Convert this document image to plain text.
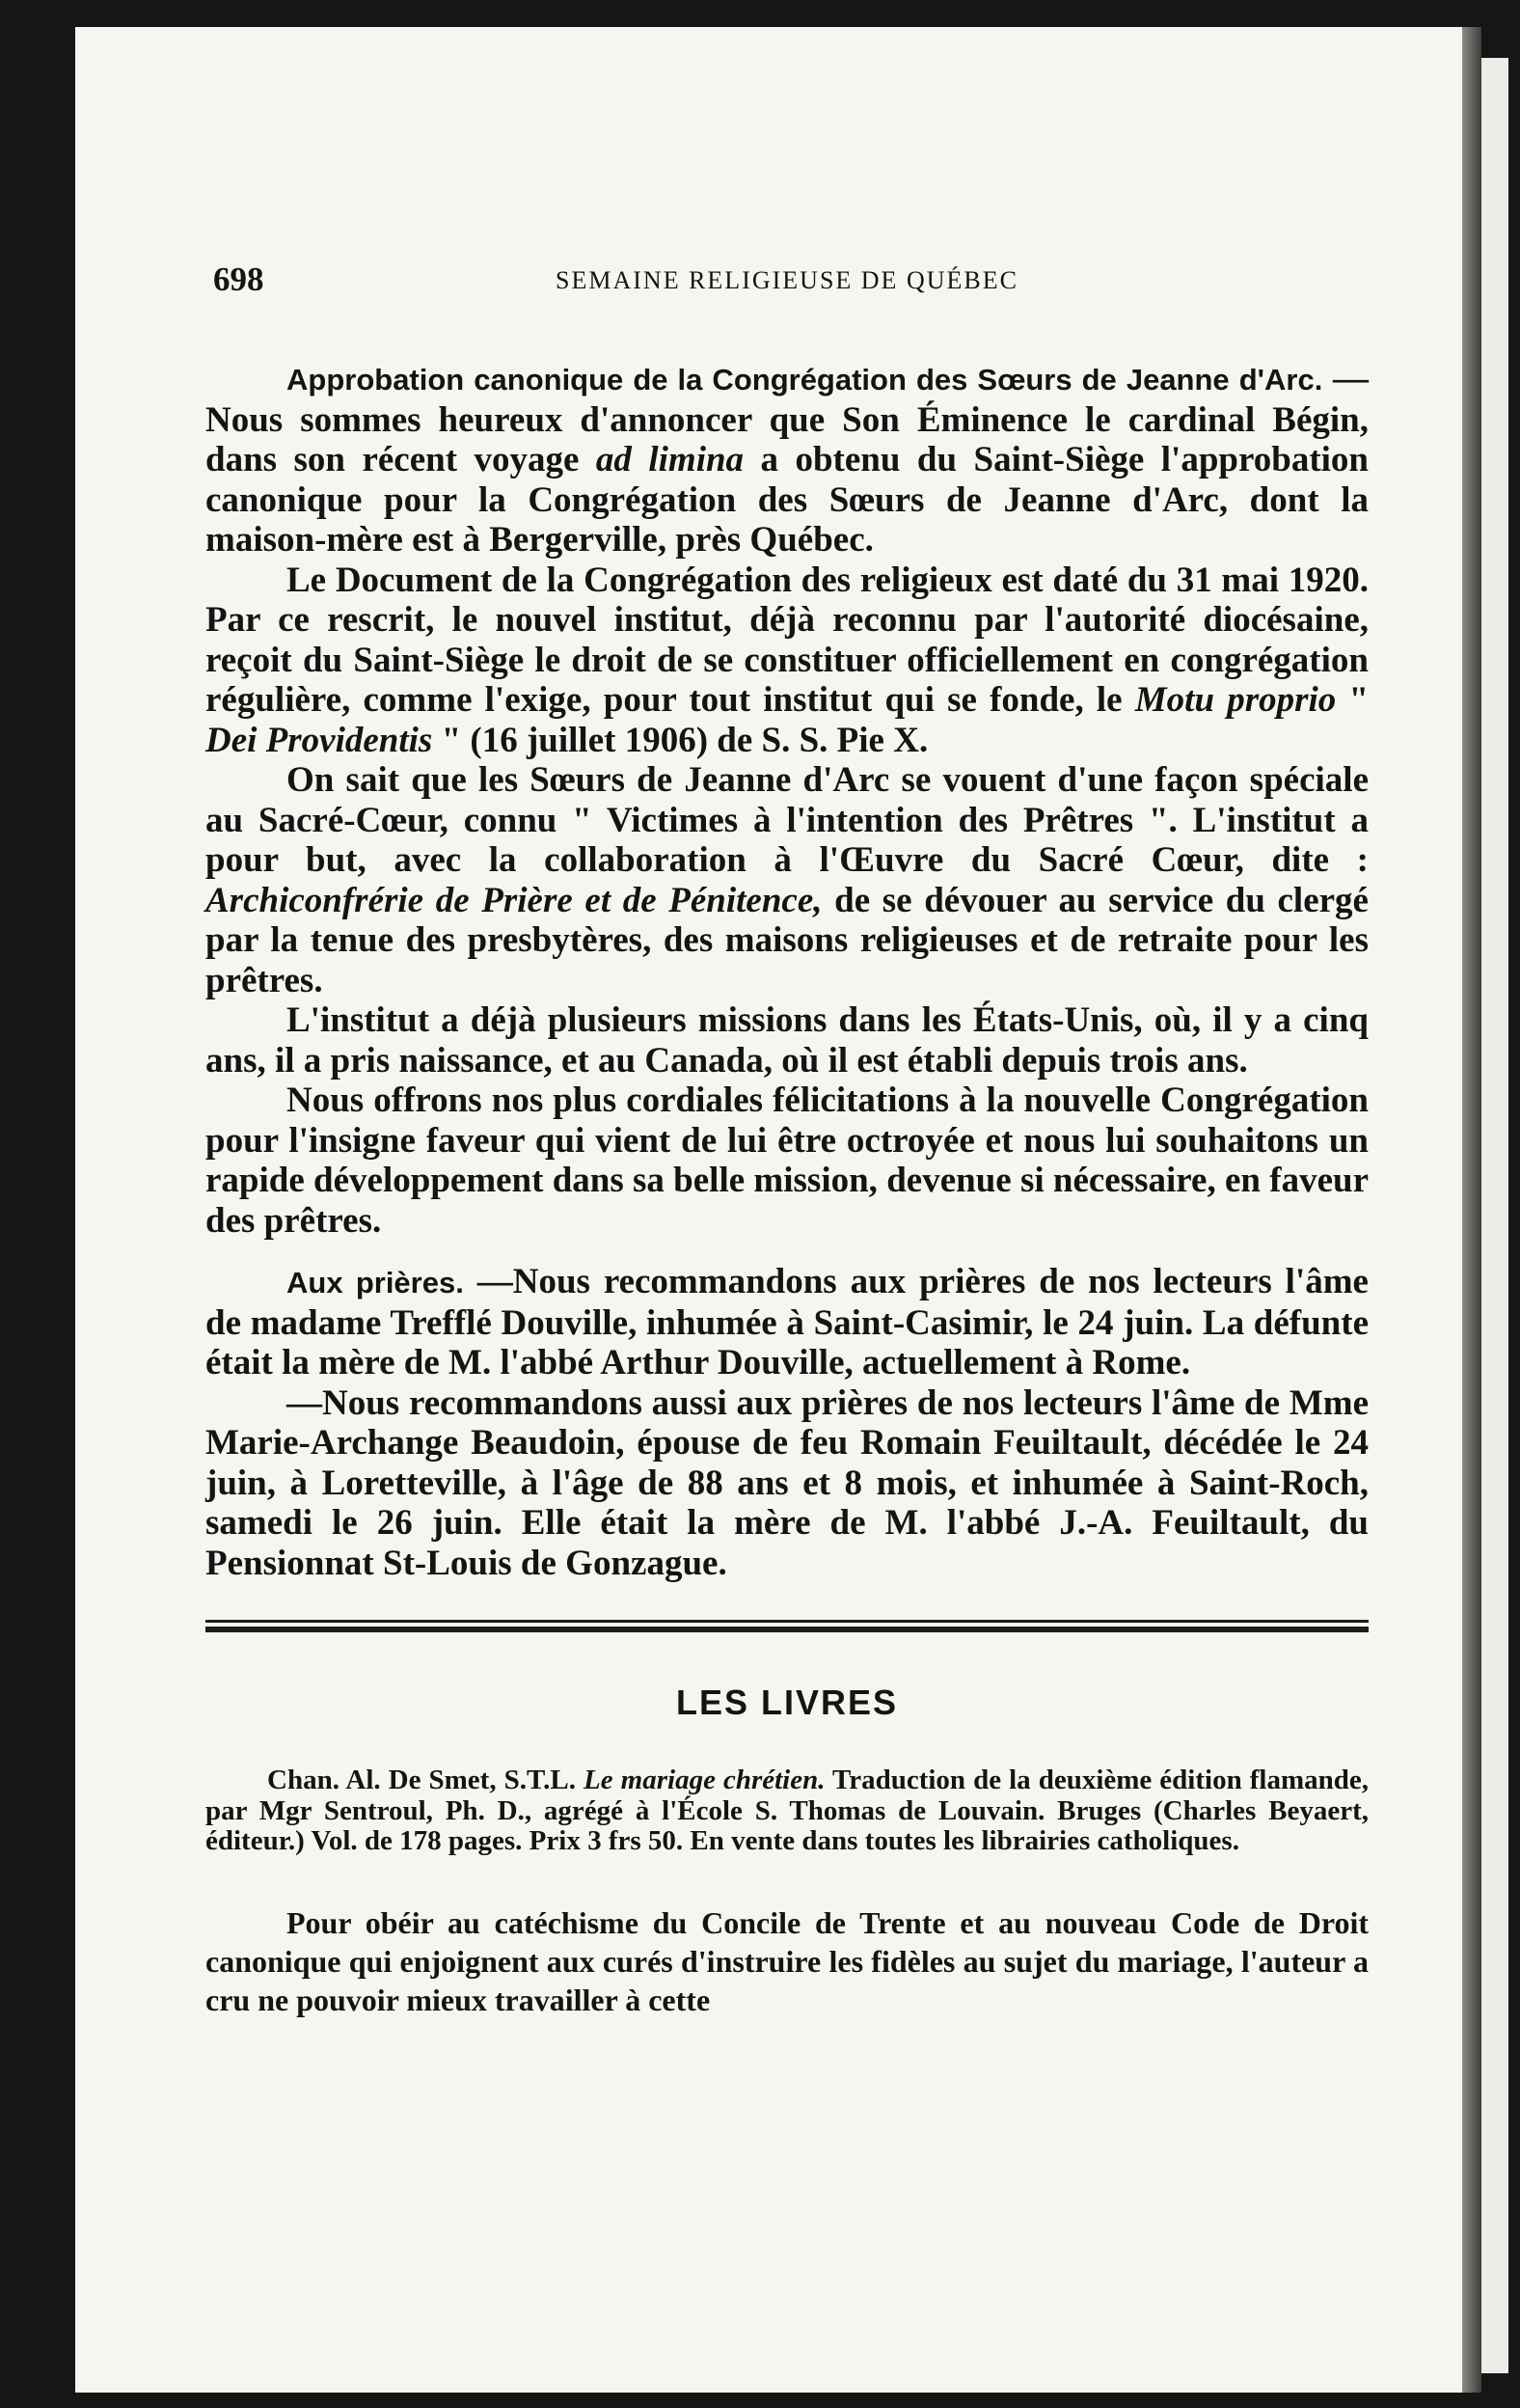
698	SEMAINE RELIGIEUSE DE QUÉBEC

Approbation canonique de la Congrégation des Sœurs de Jeanne d'Arc. — Nous sommes heureux d'annoncer que Son Éminence le cardinal Bégin, dans son récent voyage ad limina a obtenu du Saint-Siège l'approbation canonique pour la Congrégation des Sœurs de Jeanne d'Arc, dont la maison-mère est à Bergerville, près Québec.

Le Document de la Congrégation des religieux est daté du 31 mai 1920. Par ce rescrit, le nouvel institut, déjà reconnu par l'autorité diocésaine, reçoit du Saint-Siège le droit de se constituer officiellement en congrégation régulière, comme l'exige, pour tout institut qui se fonde, le Motu proprio " Dei Providentis " (16 juillet 1906) de S. S. Pie X.

On sait que les Sœurs de Jeanne d'Arc se vouent d'une façon spéciale au Sacré-Cœur, connu " Victimes à l'intention des Prêtres ". L'institut a pour but, avec la collaboration à l'Œuvre du Sacré Cœur, dite : Archiconfrérie de Prière et de Pénitence, de se dévouer au service du clergé par la tenue des presbytères, des maisons religieuses et de retraite pour les prêtres.

L'institut a déjà plusieurs missions dans les États-Unis, où, il y a cinq ans, il a pris naissance, et au Canada, où il est établi depuis trois ans.

Nous offrons nos plus cordiales félicitations à la nouvelle Congrégation pour l'insigne faveur qui vient de lui être octroyée et nous lui souhaitons un rapide développement dans sa belle mission, devenue si nécessaire, en faveur des prêtres.

Aux prières. —Nous recommandons aux prières de nos lecteurs l'âme de madame Trefflé Douville, inhumée à Saint-Casimir, le 24 juin. La défunte était la mère de M. l'abbé Arthur Douville, actuellement à Rome.

—Nous recommandons aussi aux prières de nos lecteurs l'âme de Mme Marie-Archange Beaudoin, épouse de feu Romain Feuiltault, décédée le 24 juin, à Loretteville, à l'âge de 88 ans et 8 mois, et inhumée à Saint-Roch, samedi le 26 juin. Elle était la mère de M. l'abbé J.-A. Feuiltault, du Pensionnat St-Louis de Gonzague.

LES LIVRES

Chan. Al. De Smet, S.T.L. Le mariage chrétien. Traduction de la deuxième édition flamande, par Mgr Sentroul, Ph. D., agrégé à l'École S. Thomas de Louvain. Bruges (Charles Beyaert, éditeur.) Vol. de 178 pages. Prix 3 frs 50. En vente dans toutes les librairies catholiques.

Pour obéir au catéchisme du Concile de Trente et au nouveau Code de Droit canonique qui enjoignent aux curés d'instruire les fidèles au sujet du mariage, l'auteur a cru ne pouvoir mieux travailler à cette
